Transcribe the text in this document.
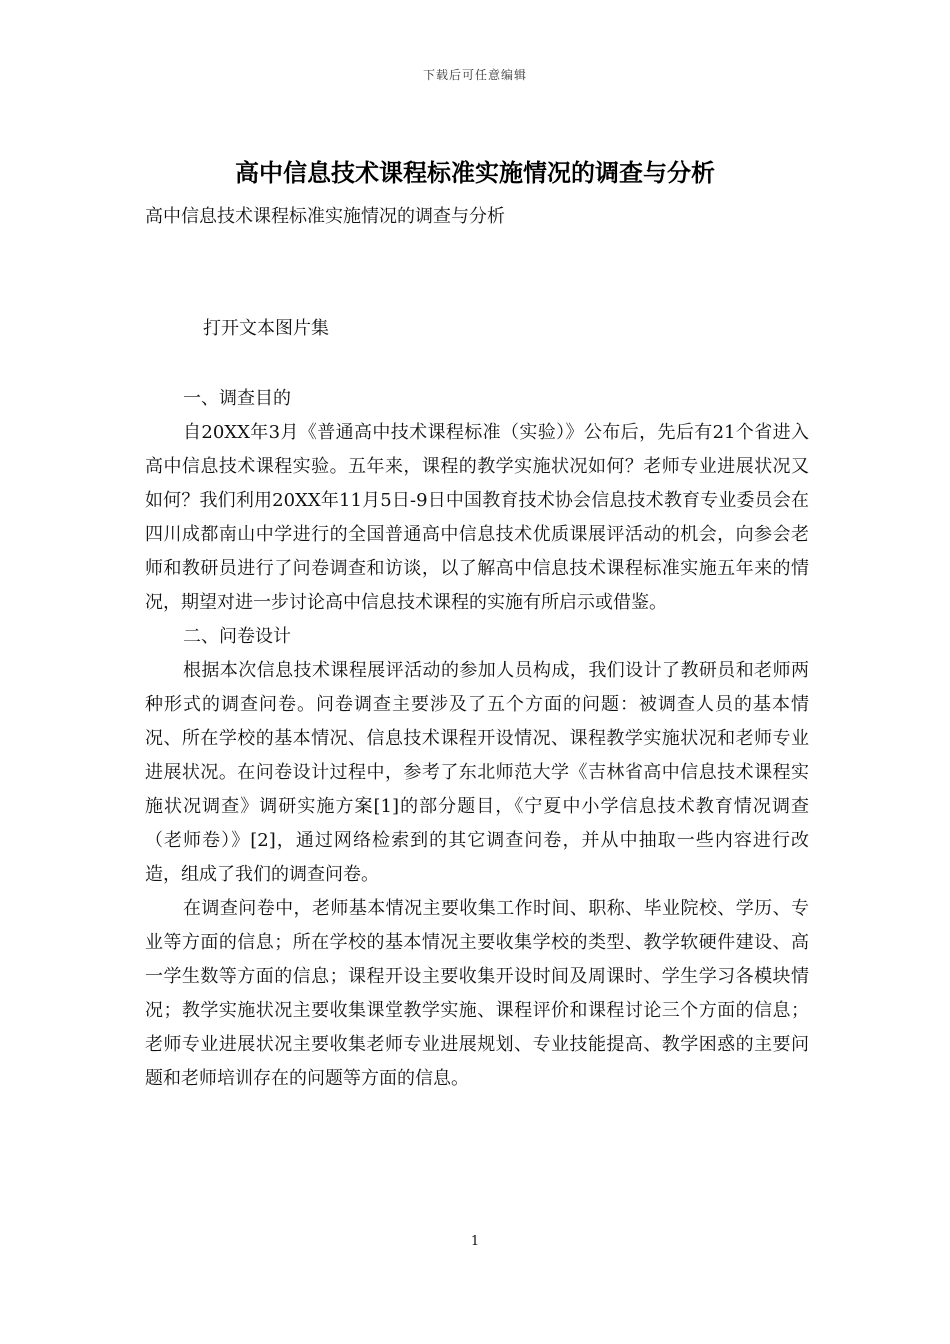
下载后可任意编辑
高中信息技术课程标准实施情况的调查与分析
高中信息技术课程标准实施情况的调查与分析
打开文本图片集
一、调查目的

自20XX年3月《普通高中技术课程标准（实验）》公布后，先后有21个省进入高中信息技术课程实验。五年来，课程的教学实施状况如何？老师专业进展状况又如何？我们利用20XX年11月5日-9日中国教育技术协会信息技术教育专业委员会在四川成都南山中学进行的全国普通高中信息技术优质课展评活动的机会，向参会老师和教研员进行了问卷调查和访谈，以了解高中信息技术课程标准实施五年来的情况，期望对进一步讨论高中信息技术课程的实施有所启示或借鉴。

二、问卷设计

根据本次信息技术课程展评活动的参加人员构成，我们设计了教研员和老师两种形式的调查问卷。问卷调查主要涉及了五个方面的问题：被调查人员的基本情况、所在学校的基本情况、信息技术课程开设情况、课程教学实施状况和老师专业进展状况。在问卷设计过程中，参考了东北师范大学《吉林省高中信息技术课程实施状况调查》调研实施方案[1]的部分题目，《宁夏中小学信息技术教育情况调查（老师卷）》[2]，通过网络检索到的其它调查问卷，并从中抽取一些内容进行改造，组成了我们的调查问卷。

在调查问卷中，老师基本情况主要收集工作时间、职称、毕业院校、学历、专业等方面的信息；所在学校的基本情况主要收集学校的类型、教学软硬件建设、高一学生数等方面的信息；课程开设主要收集开设时间及周课时、学生学习各模块情况；教学实施状况主要收集课堂教学实施、课程评价和课程讨论三个方面的信息；老师专业进展状况主要收集老师专业进展规划、专业技能提高、教学困惑的主要问题和老师培训存在的问题等方面的信息。

1
